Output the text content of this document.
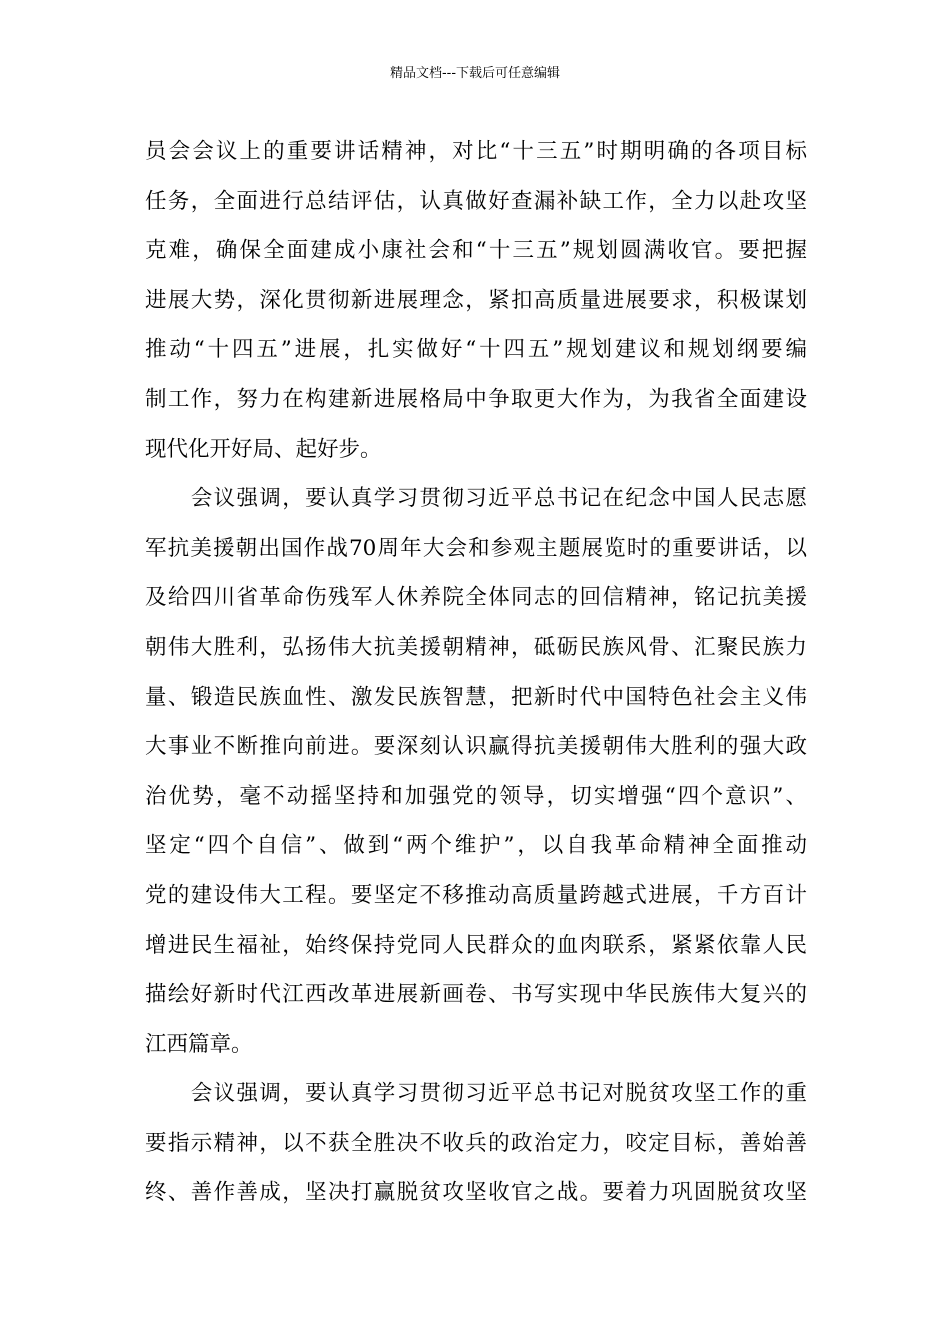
精品文档---下载后可任意编辑
员会会议上的重要讲话精神，对比“十三五”时期明确的各项目标
任务，全面进行总结评估，认真做好查漏补缺工作，全力以赴攻坚
克难，确保全面建成小康社会和“十三五”规划圆满收官。要把握
进展大势，深化贯彻新进展理念，紧扣高质量进展要求，积极谋划
推动“十四五”进展，扎实做好“十四五”规划建议和规划纲要编
制工作，努力在构建新进展格局中争取更大作为，为我省全面建设
现代化开好局、起好步。
　　会议强调，要认真学习贯彻习近平总书记在纪念中国人民志愿
军抗美援朝出国作战70周年大会和参观主题展览时的重要讲话，以
及给四川省革命伤残军人休养院全体同志的回信精神，铭记抗美援
朝伟大胜利，弘扬伟大抗美援朝精神，砥砺民族风骨、汇聚民族力
量、锻造民族血性、激发民族智慧，把新时代中国特色社会主义伟
大事业不断推向前进。要深刻认识赢得抗美援朝伟大胜利的强大政
治优势，毫不动摇坚持和加强党的领导，切实增强“四个意识”、
坚定“四个自信”、做到“两个维护”，以自我革命精神全面推动
党的建设伟大工程。要坚定不移推动高质量跨越式进展，千方百计
增进民生福祉，始终保持党同人民群众的血肉联系，紧紧依靠人民
描绘好新时代江西改革进展新画卷、书写实现中华民族伟大复兴的
江西篇章。
　　会议强调，要认真学习贯彻习近平总书记对脱贫攻坚工作的重
要指示精神，以不获全胜决不收兵的政治定力，咬定目标，善始善
终、善作善成，坚决打赢脱贫攻坚收官之战。要着力巩固脱贫攻坚
